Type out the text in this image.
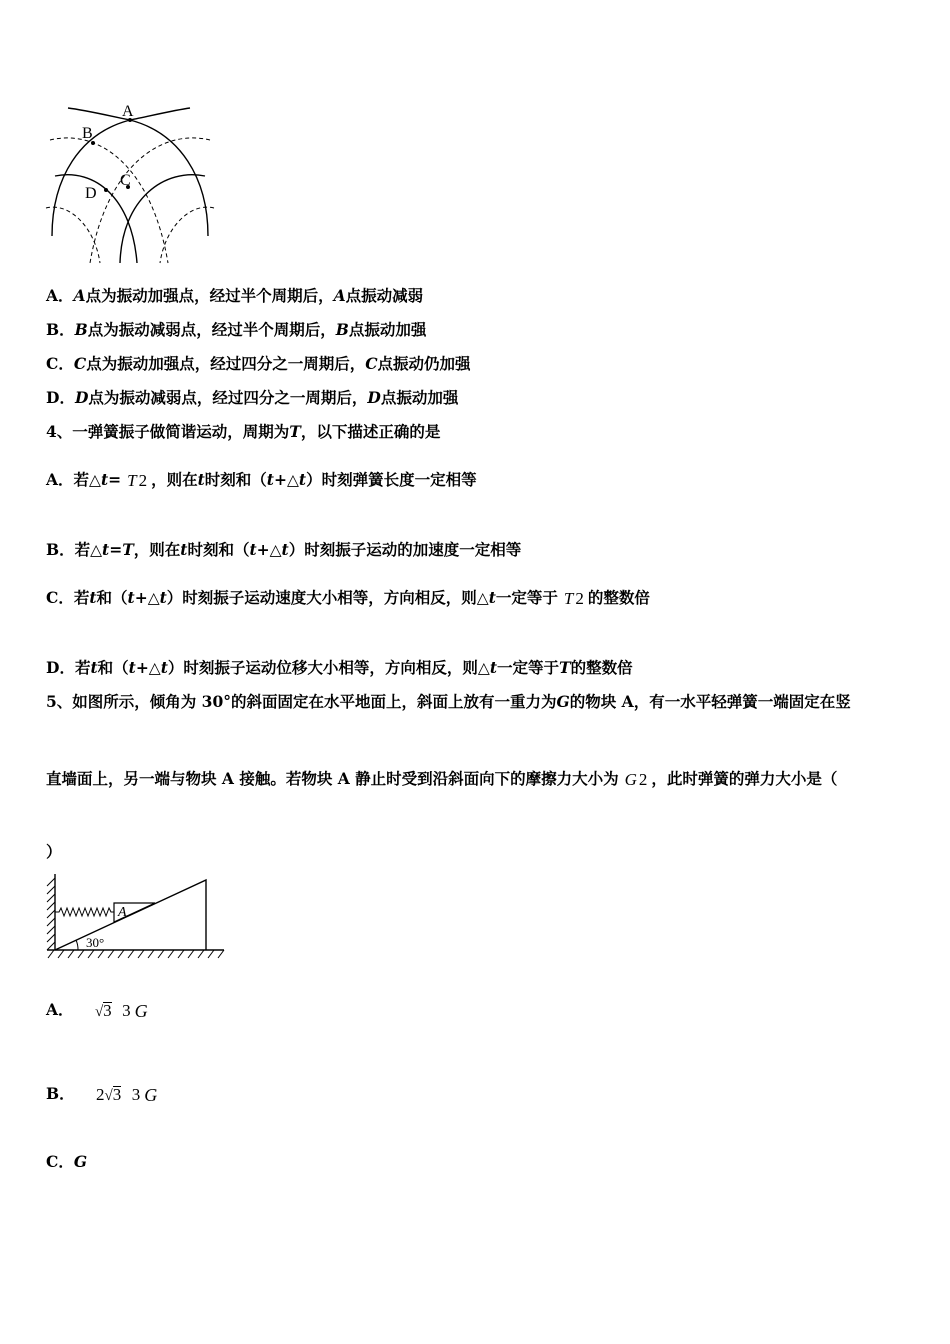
A
B
C
D
A．A点为振动加强点，经过半个周期后，A点振动减弱
B．B点为振动减弱点，经过半个周期后，B点振动加强
C．C点为振动加强点，经过四分之一周期后，C点振动仍加强
D．D点为振动减弱点，经过四分之一周期后，D点振动加强
4、一弹簧振子做简谐运动，周期为T，以下描述正确的是
A．若△t= T 2 ，则在t时刻和（t+△t）时刻弹簧长度一定相等
B．若△t=T，则在t时刻和（t+△t）时刻振子运动的加速度一定相等
C．若t和（t+△t）时刻振子运动速度大小相等，方向相反，则△t一定等于 T 2 的整数倍
D．若t和（t+△t）时刻振子运动位移大小相等，方向相反，则△t一定等于T的整数倍
5、如图所示，倾角为 30°的斜面固定在水平地面上，斜面上放有一重力为G的物块 A，有一水平轻弹簧一端固定在竖
直墙面上，另一端与物块 A 接触。若物块 A 静止时受到沿斜面向下的摩擦力大小为 G 2 ，此时弹簧的弹力大小是（
）
A
30°
A． √3 3 G
B． 2√3 3 G
C．G
